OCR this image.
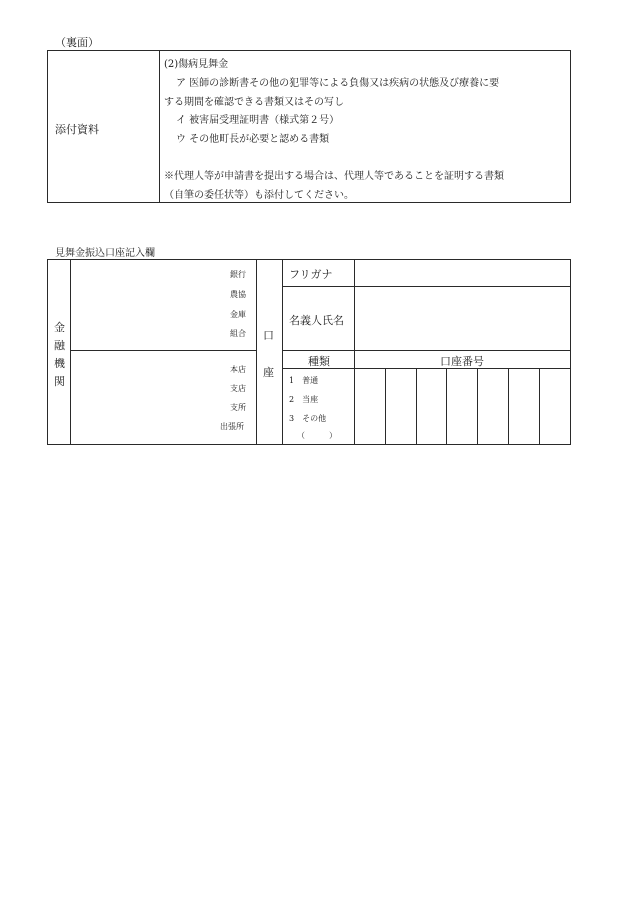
（裏面）
添付資料
(2)傷病見舞金
ア 医師の診断書その他の犯罪等による負傷又は疾病の状態及び療養に要
する期間を確認できる書類又はその写し
イ 被害届受理証明書（様式第２号）
ウ その他町長が必要と認める書類
※代理人等が申請書を提出する場合は、代理人等であることを証明する書類
（自筆の委任状等）も添付してください。
見舞金振込口座記入欄
金
融
機
関
銀行
農協
金庫
組合
本店
支店
支所
出張所
口
座
フリガナ
名義人氏名
種類	口座番号
1　普通
2　当座
3　その他
（　　　）
